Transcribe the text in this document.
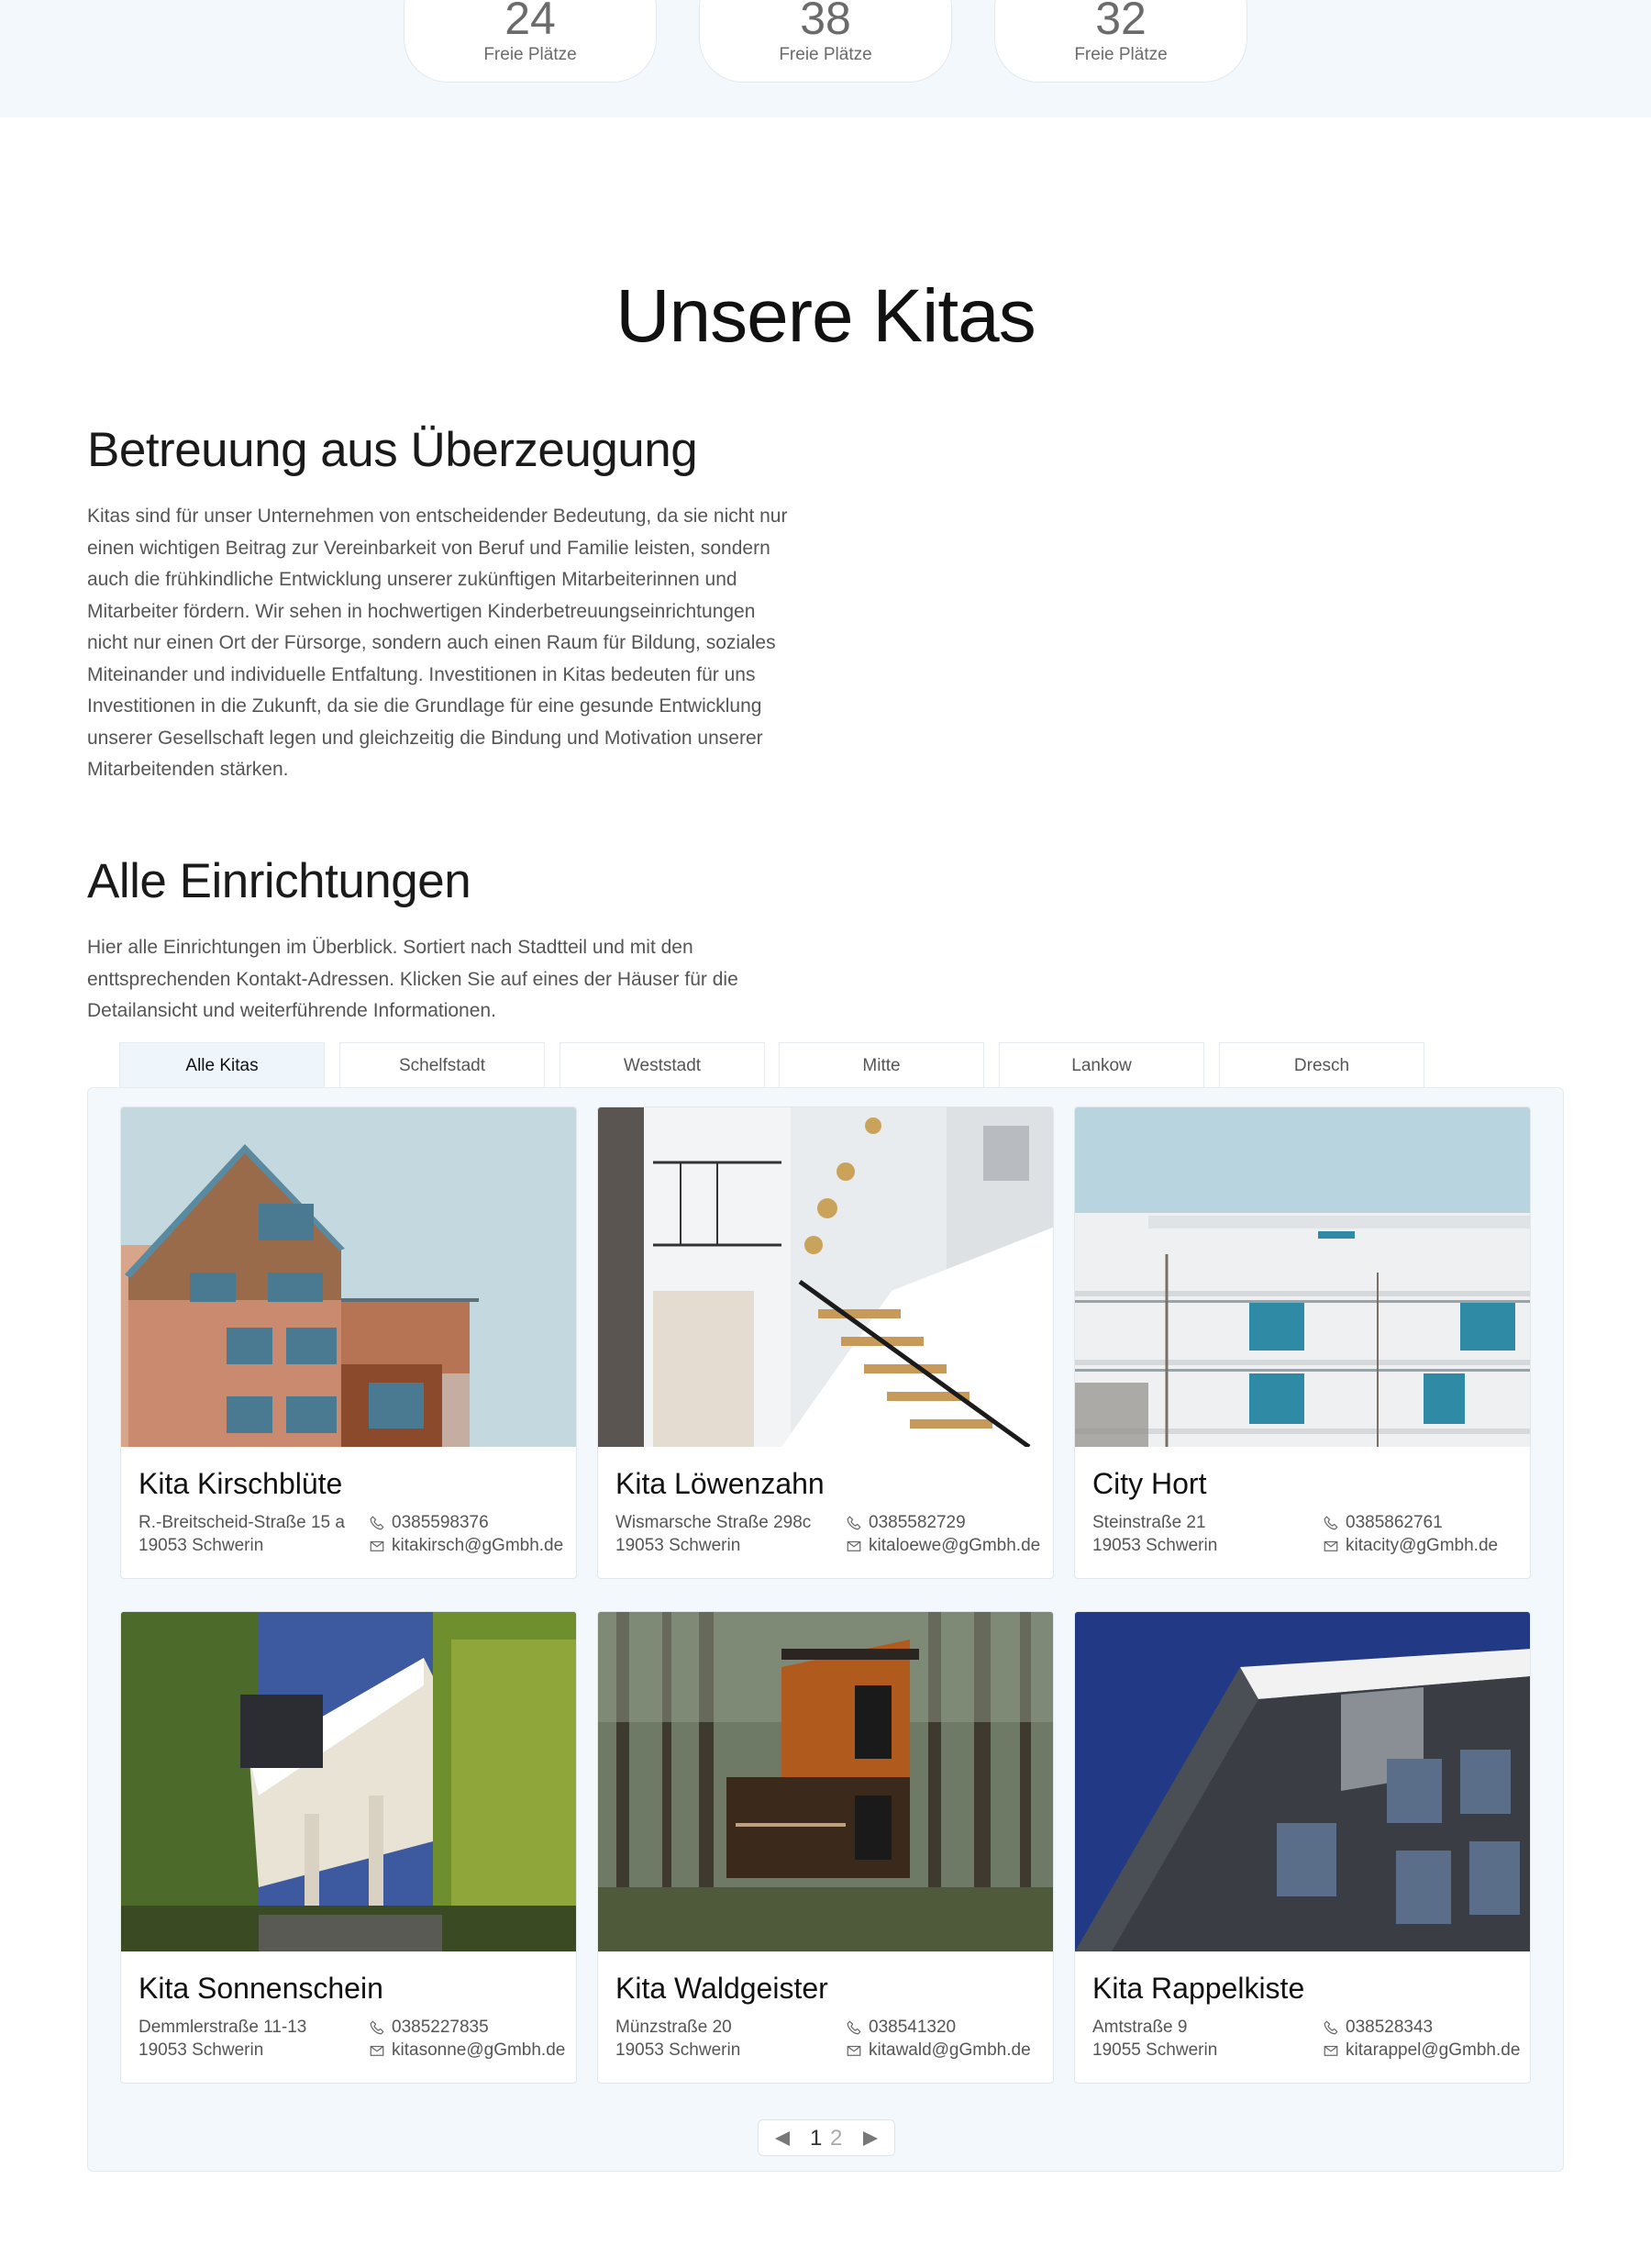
24
Freie Plätze
38
Freie Plätze
32
Freie Plätze
Unsere Kitas
Betreuung aus Überzeugung
Kitas sind für unser Unternehmen von entscheidender Bedeutung, da sie nicht nur
einen wichtigen Beitrag zur Vereinbarkeit von Beruf und Familie leisten, sondern
auch die frühkindliche Entwicklung unserer zukünftigen Mitarbeiterinnen und
Mitarbeiter fördern. Wir sehen in hochwertigen Kinderbetreuungseinrichtungen
nicht nur einen Ort der Fürsorge, sondern auch einen Raum für Bildung, soziales
Miteinander und individuelle Entfaltung. Investitionen in Kitas bedeuten für uns
Investitionen in die Zukunft, da sie die Grundlage für eine gesunde Entwicklung
unserer Gesellschaft legen und gleichzeitig die Bindung und Motivation unserer
Mitarbeitenden stärken.
Alle Einrichtungen
Hier alle Einrichtungen im Überblick. Sortiert nach Stadtteil und mit den
enttsprechenden Kontakt-Adressen. Klicken Sie auf eines der Häuser für die
Detailansicht und weiterführende Informationen.
Alle Kitas	Schelfstadt	Weststadt	Mitte	Lankow	Dresch
Kita Kirschblüte
R.-Breitscheid-Straße 15 a
19053 Schwerin
0385598376
kitakirsch@gGmbh.de
Kita Löwenzahn
Wismarsche Straße 298c
19053 Schwerin
0385582729
kitaloewe@gGmbh.de
City Hort
Steinstraße 21
19053 Schwerin
0385862761
kitacity@gGmbh.de
Kita Sonnenschein
Demmlerstraße 11-13
19053 Schwerin
0385227835
kitasonne@gGmbh.de
Kita Waldgeister
Münzstraße 20
19053 Schwerin
038541320
kitawald@gGmbh.de
Kita Rappelkiste
Amtstraße 9
19055 Schwerin
038528343
kitarappel@gGmbh.de
1 2
